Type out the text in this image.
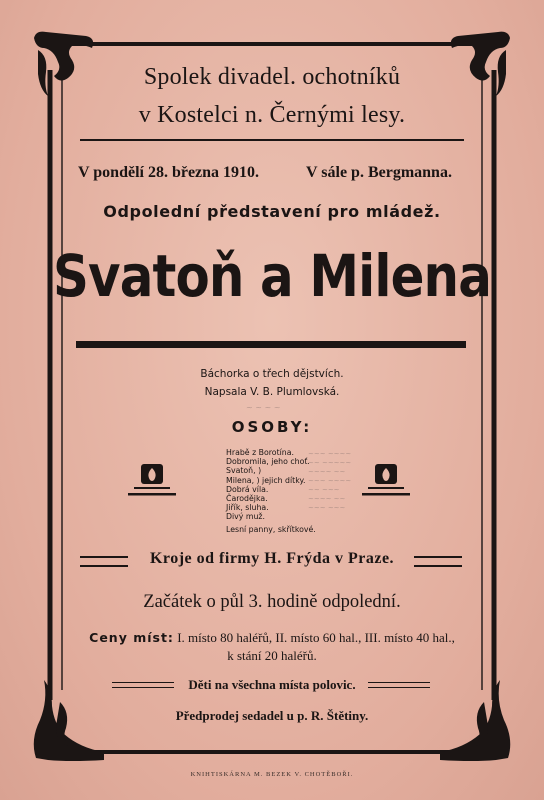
Spolek divadel. ochotníků
v Kostelci n. Černými lesy.
V pondělí 28. března 1910.	V sále p. Bergmanna.
Odpolední představení pro mládež.
Svatoň a Milena
Báchorka o třech dějstvích.
Napsala V. B. Plumlovská.
~ ~ ~ ~
OSOBY:
Hrabě z Borotína.
Dobromila, jeho choť.
Svatoň, )
Milena, ) jejich dítky.
Dobrá víla.
Čarodějka.
Jiřík, sluha.
Divý muž.
Lesní panny, skřítkové.
~~~ ~~~~
~~ ~~~~~
~~~~ ~~
~~~ ~~~~
~~ ~~~
~~~~ ~~
~~~ ~~~
Kroje od firmy H. Frýda v Praze.
Začátek o půl 3. hodině odpolední.
Ceny míst: I. místo 80 haléřů, II. místo 60 hal., III. místo 40 hal.,
k stání 20 haléřů.
Děti na všechna místa polovic.
Předprodej sedadel u p. R. Štětiny.
KNIHTISKÁRNA M. BEZEK V. CHOTĚBOŘI.
